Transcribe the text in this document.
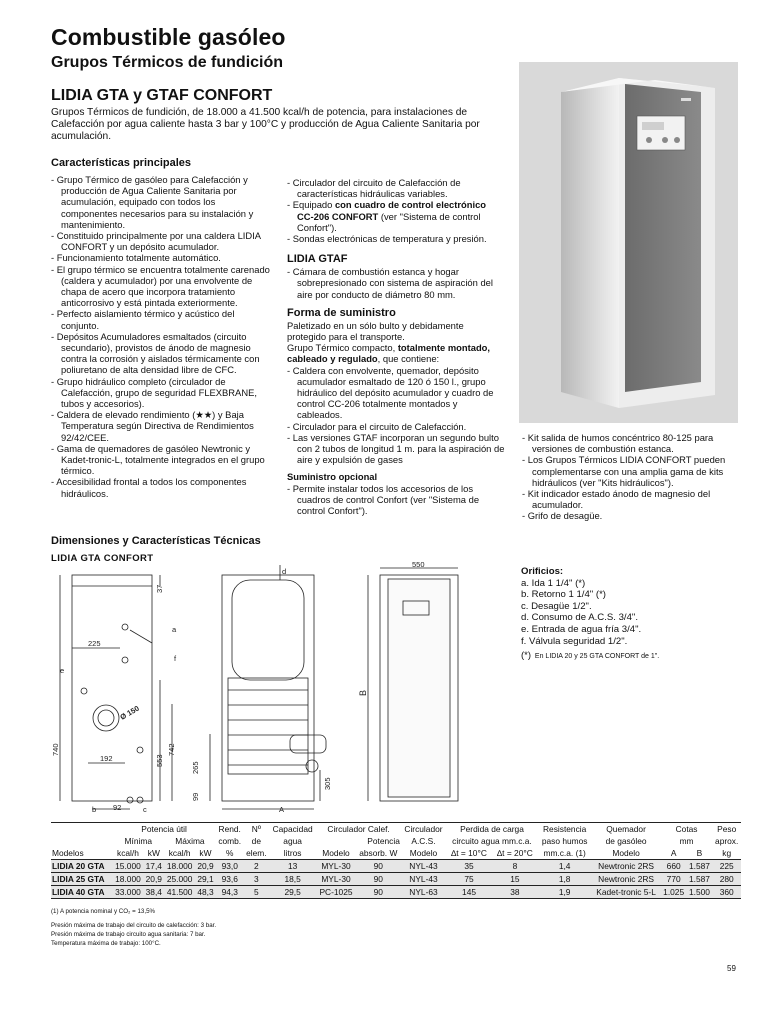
Combustible gasóleo
Grupos Térmicos de fundición
LIDIA GTA y GTAF CONFORT
Grupos Térmicos de fundición, de 18.000 a 41.500 kcal/h de potencia, para instalaciones de Calefacción por agua caliente hasta 3 bar y 100°C y producción de Agua Caliente Sanitaria por acumulación.

Características principales

- Grupo Térmico de gasóleo para Calefacción y producción de Agua Caliente Sanitaria por acumulación, equipado con todos los componentes necesarios para su instalación y mantenimiento.
- Constituido principalmente por una caldera LIDIA CONFORT y un depósito acumulador.
- Funcionamiento totalmente automático.
- El grupo térmico se encuentra totalmente carenado (caldera y acumulador) por una envolvente de chapa de acero que incorpora tratamiento anticorrosivo y está pintada exteriormente.
- Perfecto aislamiento térmico y acústico del conjunto.
- Depósitos Acumuladores esmaltados (circuito secundario), provistos de ánodo de magnesio contra la corrosión y aislados térmicamente con poliuretano de alta densidad libre de CFC.
- Grupo hidráulico completo (circulador de Calefacción, grupo de seguridad FLEXBRANE, tubos y accesorios).
- Caldera de elevado rendimiento (★★) y Baja Temperatura según Directiva de Rendimientos 92/42/CEE.
- Gama de quemadores de gasóleo Newtronic y Kadet-tronic-L, totalmente integrados en el grupo térmico.
- Accesibilidad frontal a todos los componentes hidráulicos.
- Circulador del circuito de Calefacción de características hidráulicas variables.
- Equipado con cuadro de control electrónico CC-206 CONFORT (ver "Sistema de control Confort").
- Sondas electrónicas de temperatura y presión.

LIDIA GTAF

- Cámara de combustión estanca y hogar sobrepresionado con sistema de aspiración del aire por conducto de diámetro 80 mm.

Forma de suministro

Paletizado en un sólo bulto y debidamente protegido para el transporte.

Grupo Térmico compacto, totalmente montado, cableado y regulado, que contiene:

- Caldera con envolvente, quemador, depósito acumulador esmaltado de 120 ó 150 l., grupo hidráulico del depósito acumulador y cuadro de control CC-206 totalmente montados y cableados.
- Circulador para el circuito de Calefacción.
- Las versiones GTAF incorporan un segundo bulto con 2 tubos de longitud 1 m. para la aspiración de aire y expulsión de gases

Suministro opcional

- Permite instalar todos los accesorios de los cuadros de control Confort (ver "Sistema de control Confort").
- Kit salida de humos concéntrico 80-125 para versiones de combustión estanca.
- Los Grupos Térmicos LIDIA CONFORT pueden complementarse con una amplia gama de kits hidráulicos (ver "Kits hidráulicos").
- Kit indicador estado ánodo de magnesio del acumulador.
- Grifo de desagüe.
Dimensiones y Características Técnicas
LIDIA GTA CONFORT
37
225
a
e
f
d
Ø 150
740
553
742
192
b 92	c
265
99
305
A
550
B
Orificios:
a. Ida 1 1/4" (*)
b. Retorno 1 1/4" (*)
c. Desagüe 1/2".
d. Consumo de A.C.S. 3/4".
e. Entrada de agua fría 3/4".
f. Válvula seguridad 1/2".
(*) En LIDIA 20 y 25 GTA CONFORT de 1".
	Potencia útil				Rend.	Nº	Capacidad	Circulador Calef.		Circulador	Perdida de carga		Resistencia	Quemador	Cotas		Peso
	Mínima		Máxima		comb.	de	agua	Potencia		A.C.S.	circuito agua mm.c.a.		paso humos	de gasóleo	mm		aprox.
Modelos	kcal/h	kW	kcal/h	kW	%	elem.	litros	Modelo	absorb. W	Modelo	∆t = 10°C	∆t = 20°C	mm.c.a. (1)	Modelo	A	B	kg
LIDIA 20 GTA	15.000	17,4	18.000	20,9	93,0	2	13	MYL-30	90	NYL-43	35	8	1,4	Newtronic 2RS	660	1.587	225
LIDIA 25 GTA	18.000	20,9	25.000	29,1	93,6	3	18,5	MYL-30	90	NYL-43	75	15	1,8	Newtronic 2RS	770	1.587	280
LIDIA 40 GTA	33.000	38,4	41.500	48,3	94,3	5	29,5	PC-1025	90	NYL-63	145	38	1,9	Kadet-tronic 5-L	1.025	1.500	360

(1) A potencia nominal y CO₂ = 13,5%

Presión máxima de trabajo del circuito de calefacción: 3 bar.

Presión máxima de trabajo circuito agua sanitaria: 7 bar.

Temperatura máxima de trabajo: 100°C.

59
